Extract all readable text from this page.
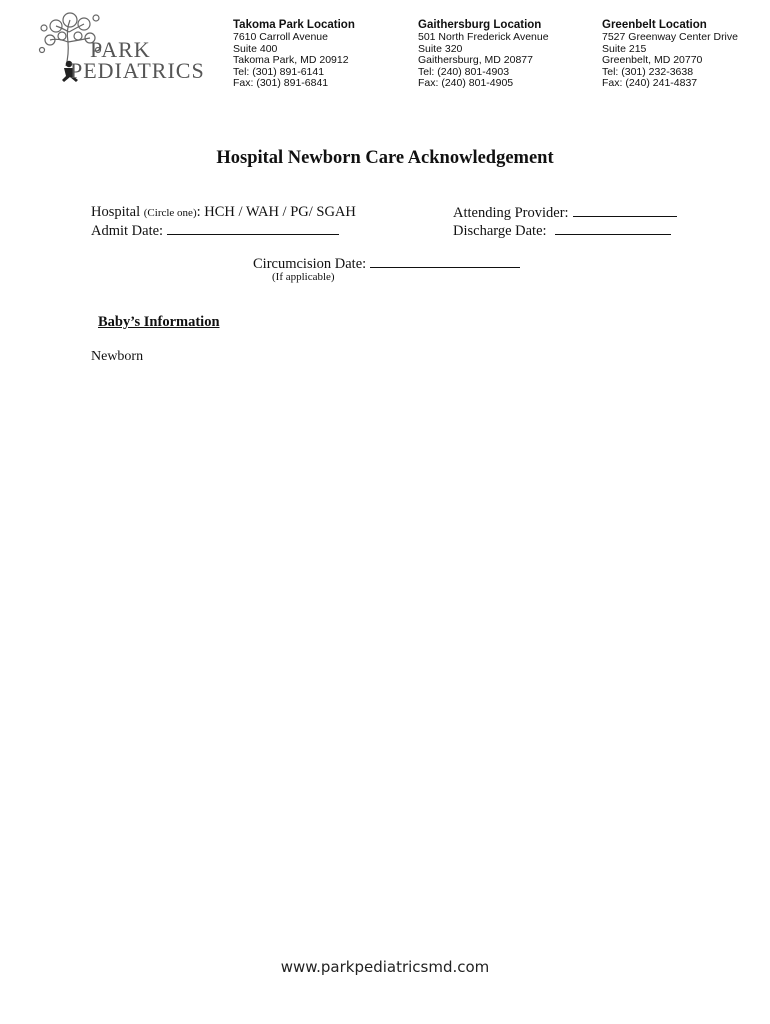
PARK
PEDIATRICS
Takoma Park Location
7610 Carroll Avenue
Suite 400
Takoma Park, MD 20912
Tel: (301) 891-6141
Fax: (301) 891-6841
Gaithersburg Location
501 North Frederick Avenue
Suite 320
Gaithersburg, MD 20877
Tel: (240) 801-4903
Fax: (240) 801-4905
Greenbelt Location
7527 Greenway Center Drive
Suite 215
Greenbelt, MD 20770
Tel: (301) 232-3638
Fax: (240) 241-4837
Hospital Newborn Care Acknowledgement
Hospital (Circle one): HCH / WAH / PG/ SGAH	Attending Provider:
Admit Date:	Discharge Date:
Circumcision Date:
(If applicable)
Baby’s Information
Newborn
www.parkpediatricsmd.com
